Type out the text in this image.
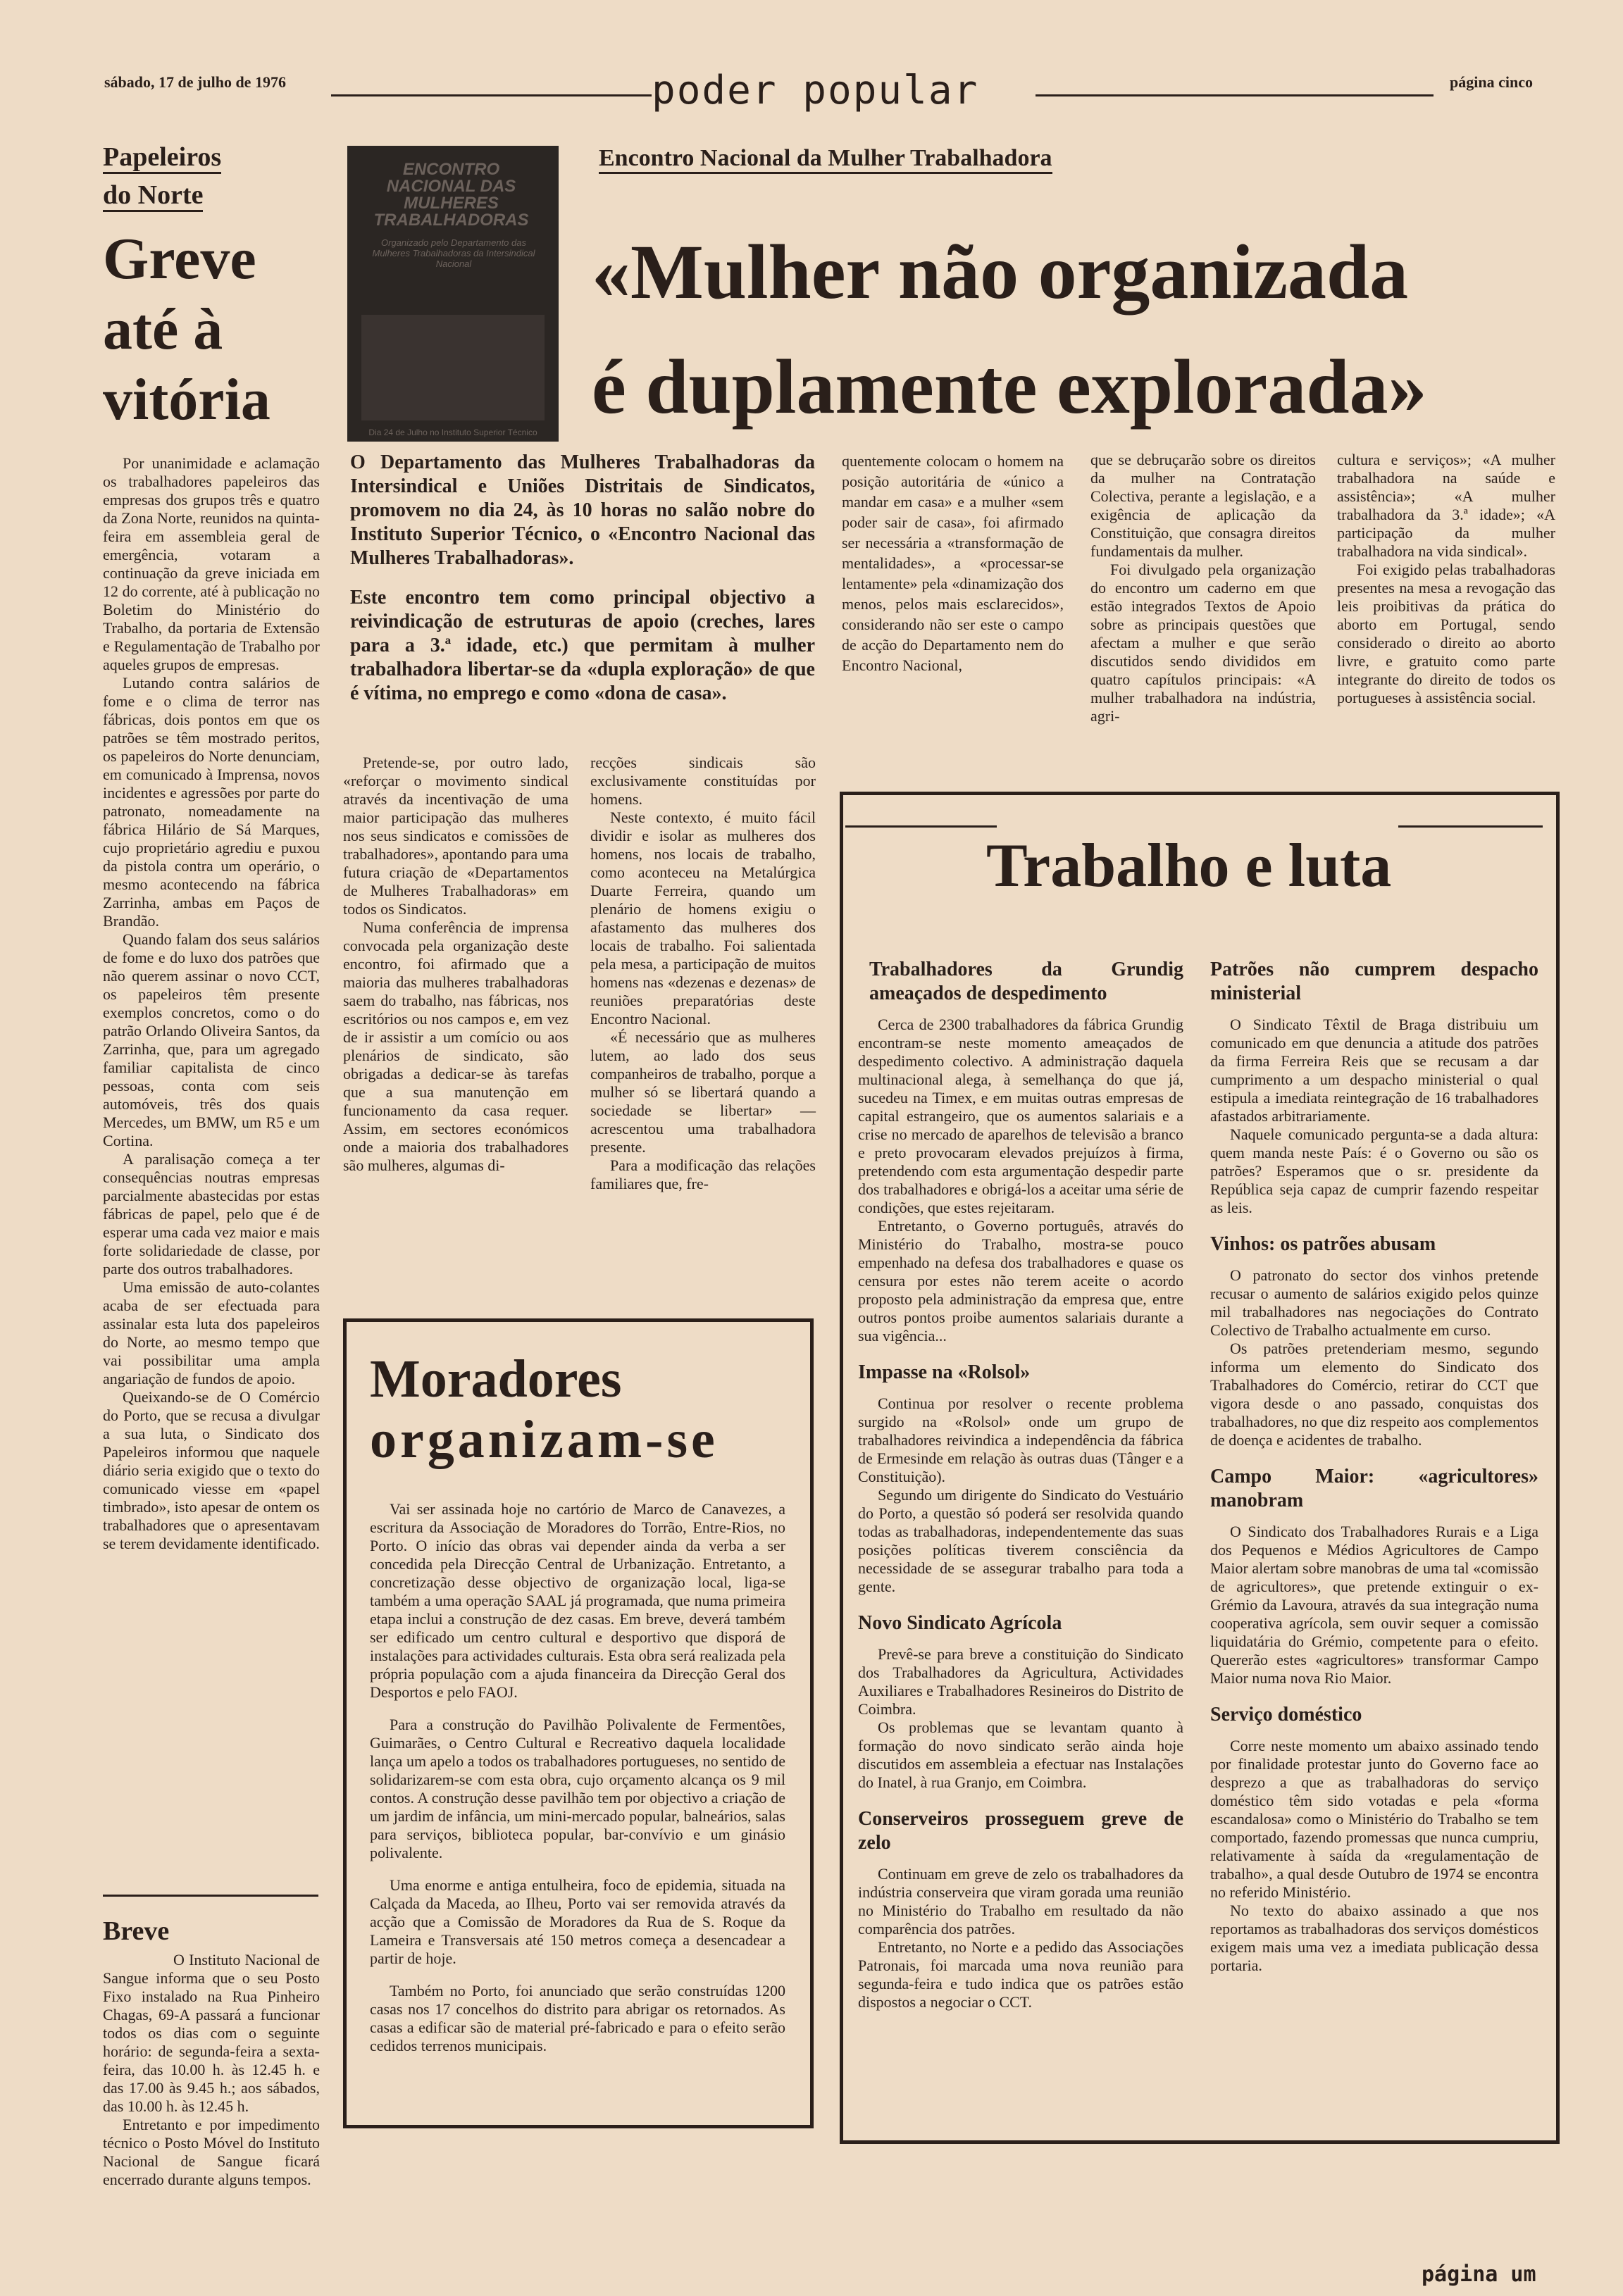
sábado, 17 de julho de 1976	poder popular	página cinco
Papeleiros
do Norte
Greve
até à
vitória

Por unanimidade e aclamação os trabalhadores papeleiros das empresas dos grupos três e quatro da Zona Norte, reunidos na quinta-feira em assembleia geral de emergência, votaram a continuação da greve iniciada em 12 do corrente, até à publicação no Boletim do Ministério do Trabalho, da portaria de Extensão e Regulamentação de Trabalho por aqueles grupos de empresas.

Lutando contra salários de fome e o clima de terror nas fábricas, dois pontos em que os patrões se têm mostrado peritos, os papeleiros do Norte denunciam, em comunicado à Imprensa, novos incidentes e agressões por parte do patronato, nomeadamente na fábrica Hilário de Sá Marques, cujo proprietário agrediu e puxou da pistola contra um operário, o mesmo acontecendo na fábrica Zarrinha, ambas em Paços de Brandão.

Quando falam dos seus salários de fome e do luxo dos patrões que não querem assinar o novo CCT, os papeleiros têm presente exemplos concretos, como o do patrão Orlando Oliveira Santos, da Zarrinha, que, para um agregado familiar capitalista de cinco pessoas, conta com seis automóveis, três dos quais Mercedes, um BMW, um R5 e um Cortina.

A paralisação começa a ter consequências noutras empresas parcialmente abastecidas por estas fábricas de papel, pelo que é de esperar uma cada vez maior e mais forte solidariedade de classe, por parte dos outros trabalhadores.

Uma emissão de auto-colantes acaba de ser efectuada para assinalar esta luta dos papeleiros do Norte, ao mesmo tempo que vai possibilitar uma ampla angariação de fundos de apoio.

Queixando-se de O Comércio do Porto, que se recusa a divulgar a sua luta, o Sindicato dos Papeleiros informou que naquele diário seria exigido que o texto do comunicado viesse em «papel timbrado», isto apesar de ontem os trabalhadores que o apresentavam se terem devidamente identificado.

Breve

O Instituto Nacional de Sangue informa que o seu Posto Fixo instalado na Rua Pinheiro Chagas, 69-A passará a funcionar todos os dias com o seguinte horário: de segunda-feira a sexta-feira, das 10.00 h. às 12.45 h. e das 17.00 às 9.45 h.; aos sábados, das 10.00 h. às 12.45 h.

Entretanto e por impedimento técnico o Posto Móvel do Instituto Nacional de Sangue ficará encerrado durante alguns tempos.

ENCONTRO NACIONAL DAS MULHERES TRABALHADORAS
Organizado pelo Departamento das Mulheres Trabalhadoras da Intersindical Nacional
Dia 24 de Julho no Instituto Superior Técnico
Encontro Nacional da Mulher Trabalhadora
«Mulher não organizada
é duplamente explorada»
O Departamento das Mulheres Trabalhadoras da Intersindical e Uniões Distritais de Sindicatos, promovem no dia 24, às 10 horas no salão nobre do Instituto Superior Técnico, o «Encontro Nacional das Mulheres Trabalhadoras».
Este encontro tem como principal objectivo a reivindicação de estruturas de apoio (creches, lares para a 3.ª idade, etc.) que permitam à mulher trabalhadora libertar-se da «dupla exploração» de que é vítima, no emprego e como «dona de casa».

Pretende-se, por outro lado, «reforçar o movimento sindical através da incentivação de uma maior participação das mulheres nos seus sindicatos e comissões de trabalhadores», apontando para uma futura criação de «Departamentos de Mulheres Trabalhadoras» em todos os Sindicatos.

Numa conferência de imprensa convocada pela organização deste encontro, foi afirmado que a maioria das mulheres trabalhadoras saem do trabalho, nas fábricas, nos escritórios ou nos campos e, em vez de ir assistir a um comício ou aos plenários de sindicato, são obrigadas a dedicar-se às tarefas que a sua manutenção em funcionamento da casa requer. Assim, em sectores económicos onde a maioria dos trabalhadores são mulheres, algumas di-

recções sindicais são exclusivamente constituídas por homens.

Neste contexto, é muito fácil dividir e isolar as mulheres dos homens, nos locais de trabalho, como aconteceu na Metalúrgica Duarte Ferreira, quando um plenário de homens exigiu o afastamento das mulheres dos locais de trabalho. Foi salientada pela mesa, a participação de muitos homens nas «dezenas e dezenas» de reuniões preparatórias deste Encontro Nacional.

«É necessário que as mulheres lutem, ao lado dos seus companheiros de trabalho, porque a mulher só se libertará quando a sociedade se libertar» — acrescentou uma trabalhadora presente.

Para a modificação das relações familiares que, fre-

quentemente colocam o homem na posição autoritária de «único a mandar em casa» e a mulher «sem poder sair de casa», foi afirmado ser necessária a «transformação de mentalidades», a «processar-se lentamente» pela «dinamização dos menos, pelos mais esclarecidos», considerando não ser este o campo de acção do Departamento nem do Encontro Nacional,

que se debruçarão sobre os direitos da mulher na Contratação Colectiva, perante a legislação, e a exigência de aplicação da Constituição, que consagra direitos fundamentais da mulher.

Foi divulgado pela organização do encontro um caderno em que estão integrados Textos de Apoio sobre as principais questões que afectam a mulher e que serão discutidos sendo divididos em quatro capítulos principais: «A mulher trabalhadora na indústria, agri-

cultura e serviços»; «A mulher trabalhadora na saúde e assistência»; «A mulher trabalhadora da 3.ª idade»; «A participação da mulher trabalhadora na vida sindical».

Foi exigido pelas trabalhadoras presentes na mesa a revogação das leis proibitivas da prática do aborto em Portugal, sendo considerado o direito ao aborto livre, e gratuito como parte integrante do direito de todos os portugueses à assistência social.

Moradores
organizam-se

Vai ser assinada hoje no cartório de Marco de Canavezes, a escritura da Associação de Moradores do Torrão, Entre-Rios, no Porto. O início das obras vai depender ainda da verba a ser concedida pela Direcção Central de Urbanização. Entretanto, a concretização desse objectivo de organização local, liga-se também a uma operação SAAL já programada, que numa primeira etapa inclui a construção de dez casas. Em breve, deverá também ser edificado um centro cultural e desportivo que disporá de instalações para actividades culturais. Esta obra será realizada pela própria população com a ajuda financeira da Direcção Geral dos Desportos e pelo FAOJ.

Para a construção do Pavilhão Polivalente de Fermentões, Guimarães, o Centro Cultural e Recreativo daquela localidade lança um apelo a todos os trabalhadores portugueses, no sentido de solidarizarem-se com esta obra, cujo orçamento alcança os 9 mil contos. A construção desse pavilhão tem por objectivo a criação de um jardim de infância, um mini-mercado popular, balneários, salas para serviços, biblioteca popular, bar-convívio e um ginásio polivalente.

Uma enorme e antiga entulheira, foco de epidemia, situada na Calçada da Maceda, ao Ilheu, Porto vai ser removida através da acção que a Comissão de Moradores da Rua de S. Roque da Lameira e Transversais até 150 metros começa a desencadear a partir de hoje.

Também no Porto, foi anunciado que serão construídas 1200 casas nos 17 concelhos do distrito para abrigar os retornados. As casas a edificar são de material pré-fabricado e para o efeito serão cedidos terrenos municipais.

Trabalho e luta
Trabalhadores da Grundig ameaçados de despedimento

Cerca de 2300 trabalhadores da fábrica Grundig encontram-se neste momento ameaçados de despedimento colectivo. A administração daquela multinacional alega, à semelhança do que já, sucedeu na Timex, e em muitas outras empresas de capital estrangeiro, que os aumentos salariais e a crise no mercado de aparelhos de televisão a branco e preto provocaram elevados prejuízos à firma, pretendendo com esta argumentação despedir parte dos trabalhadores e obrigá-los a aceitar uma série de condições, que estes rejeitaram.

Entretanto, o Governo português, através do Ministério do Trabalho, mostra-se pouco empenhado na defesa dos trabalhadores e quase os censura por estes não terem aceite o acordo proposto pela administração da empresa que, entre outros pontos proibe aumentos salariais durante a sua vigência...

Impasse na «Rolsol»

Continua por resolver o recente problema surgido na «Rolsol» onde um grupo de trabalhadores reivindica a independência da fábrica de Ermesinde em relação às outras duas (Tânger e a Constituição).

Segundo um dirigente do Sindicato do Vestuário do Porto, a questão só poderá ser resolvida quando todas as trabalhadoras, independentemente das suas posições políticas tiverem consciência da necessidade de se assegurar trabalho para toda a gente.

Novo Sindicato Agrícola

Prevê-se para breve a constituição do Sindicato dos Trabalhadores da Agricultura, Actividades Auxiliares e Trabalhadores Resineiros do Distrito de Coimbra.

Os problemas que se levantam quanto à formação do novo sindicato serão ainda hoje discutidos em assembleia a efectuar nas Instalações do Inatel, à rua Granjo, em Coimbra.

Conserveiros prosseguem greve de zelo

Continuam em greve de zelo os trabalhadores da indústria conserveira que viram gorada uma reunião no Ministério do Trabalho em resultado da não comparência dos patrões.

Entretanto, no Norte e a pedido das Associações Patronais, foi marcada uma nova reunião para segunda-feira e tudo indica que os patrões estão dispostos a negociar o CCT.

Patrões não cumprem despacho ministerial

O Sindicato Têxtil de Braga distribuiu um comunicado em que denuncia a atitude dos patrões da firma Ferreira Reis que se recusam a dar cumprimento a um despacho ministerial o qual estipula a imediata reintegração de 16 trabalhadores afastados arbitrariamente.

Naquele comunicado pergunta-se a dada altura: quem manda neste País: é o Governo ou são os patrões? Esperamos que o sr. presidente da República seja capaz de cumprir fazendo respeitar as leis.

Vinhos: os patrões abusam

O patronato do sector dos vinhos pretende recusar o aumento de salários exigido pelos quinze mil trabalhadores nas negociações do Contrato Colectivo de Trabalho actualmente em curso.

Os patrões pretenderiam mesmo, segundo informa um elemento do Sindicato dos Trabalhadores do Comércio, retirar do CCT que vigora desde o ano passado, conquistas dos trabalhadores, no que diz respeito aos complementos de doença e acidentes de trabalho.

Campo Maior: «agricultores» manobram

O Sindicato dos Trabalhadores Rurais e a Liga dos Pequenos e Médios Agricultores de Campo Maior alertam sobre manobras de uma tal «comissão de agricultores», que pretende extinguir o ex-Grémio da Lavoura, através da sua integração numa cooperativa agrícola, sem ouvir sequer a comissão liquidatária do Grémio, competente para o efeito. Quererão estes «agricultores» transformar Campo Maior numa nova Rio Maior.

Serviço doméstico

Corre neste momento um abaixo assinado tendo por finalidade protestar junto do Governo face ao desprezo a que as trabalhadoras do serviço doméstico têm sido votadas e pela «forma escandalosa» como o Ministério do Trabalho se tem comportado, fazendo promessas que nunca cumpriu, relativamente à saída da «regulamentação de trabalho», a qual desde Outubro de 1974 se encontra no referido Ministério.

No texto do abaixo assinado a que nos reportamos as trabalhadoras dos serviços domésticos exigem mais uma vez a imediata publicação dessa portaria.

página um
